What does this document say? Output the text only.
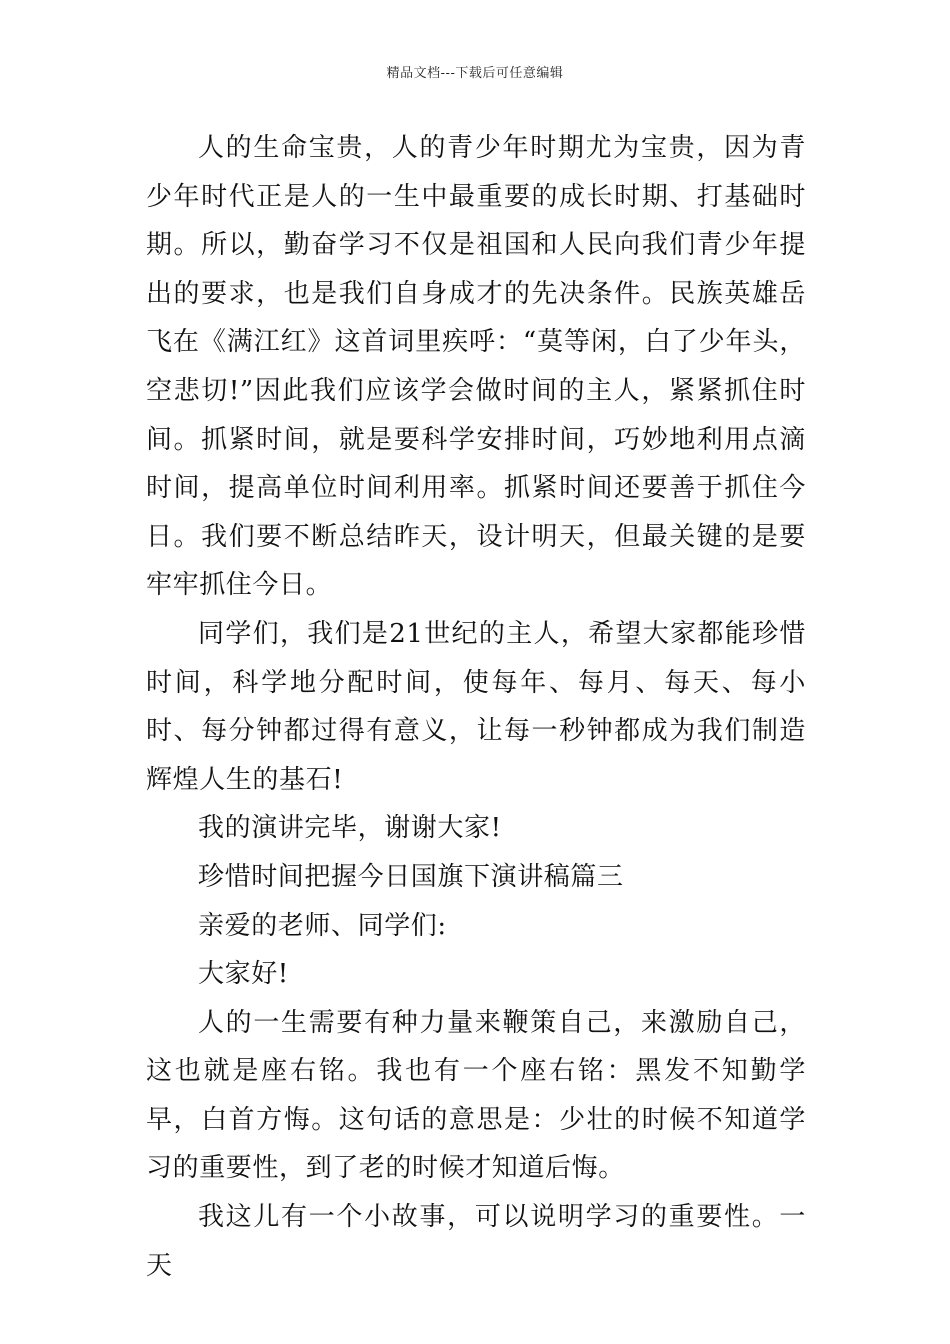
精品文档---下载后可任意编辑

人的生命宝贵，人的青少年时期尤为宝贵，因为青少年时代正是人的一生中最重要的成长时期、打基础时期。所以，勤奋学习不仅是祖国和人民向我们青少年提出的要求，也是我们自身成才的先决条件。民族英雄岳飞在《满江红》这首词里疾呼：“莫等闲，白了少年头，空悲切!”因此我们应该学会做时间的主人，紧紧抓住时间。抓紧时间，就是要科学安排时间，巧妙地利用点滴时间，提高单位时间利用率。抓紧时间还要善于抓住今日。我们要不断总结昨天，设计明天，但最关键的是要牢牢抓住今日。

同学们，我们是21世纪的主人，希望大家都能珍惜时间，科学地分配时间，使每年、每月、每天、每小时、每分钟都过得有意义，让每一秒钟都成为我们制造辉煌人生的基石!

我的演讲完毕，谢谢大家!

珍惜时间把握今日国旗下演讲稿篇三

亲爱的老师、同学们:

大家好!

人的一生需要有种力量来鞭策自己，来激励自己，这也就是座右铭。我也有一个座右铭：黑发不知勤学早，白首方悔。这句话的意思是：少壮的时候不知道学习的重要性，到了老的时候才知道后悔。

我这儿有一个小故事，可以说明学习的重要性。一天
